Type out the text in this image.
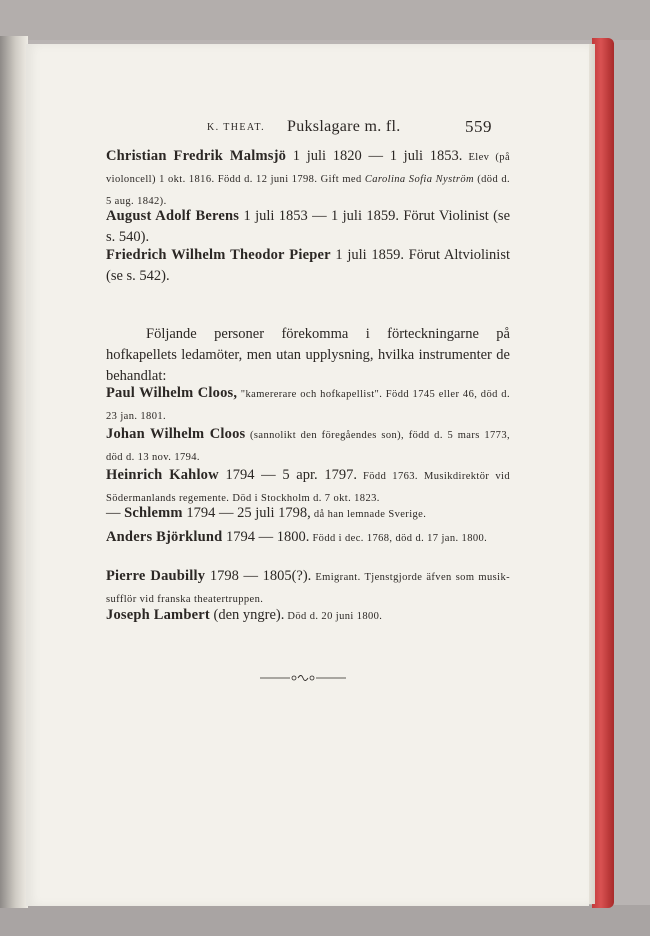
K. THEAT. Pukslagare m. fl.	559
Christian Fredrik Malmsjö 1 juli 1820 — 1 juli 1853. Elev (på violoncell) 1 okt. 1816. Född d. 12 juni 1798. Gift med Carolina Sofia Nyström (död d. 5 aug. 1842).
August Adolf Berens 1 juli 1853 — 1 juli 1859. Förut Violinist (se s. 540).
Friedrich Wilhelm Theodor Pieper 1 juli 1859. Förut Altviolinist (se s. 542).
Följande personer förekomma i förteckningarne på hofkapellets ledamöter, men utan upplysning, hvilka instrumenter de behandlat:
Paul Wilhelm Cloos, "kamererare och hofkapellist". Född 1745 eller 46, död d. 23 jan. 1801.
Johan Wilhelm Cloos (sannolikt den föregåendes son), född d. 5 mars 1773, död d. 13 nov. 1794.
Heinrich Kahlow 1794 — 5 apr. 1797. Född 1763. Musikdirektör vid Södermanlands regemente. Död i Stockholm d. 7 okt. 1823.
— Schlemm 1794 — 25 juli 1798, då han lemnade Sverige.
Anders Björklund 1794 — 1800. Född i dec. 1768, död d. 17 jan. 1800.
Pierre Daubilly 1798 — 1805(?). Emigrant. Tjenstgjorde äfven som musik-sufflör vid franska theatertruppen.
Joseph Lambert (den yngre). Död d. 20 juni 1800.
